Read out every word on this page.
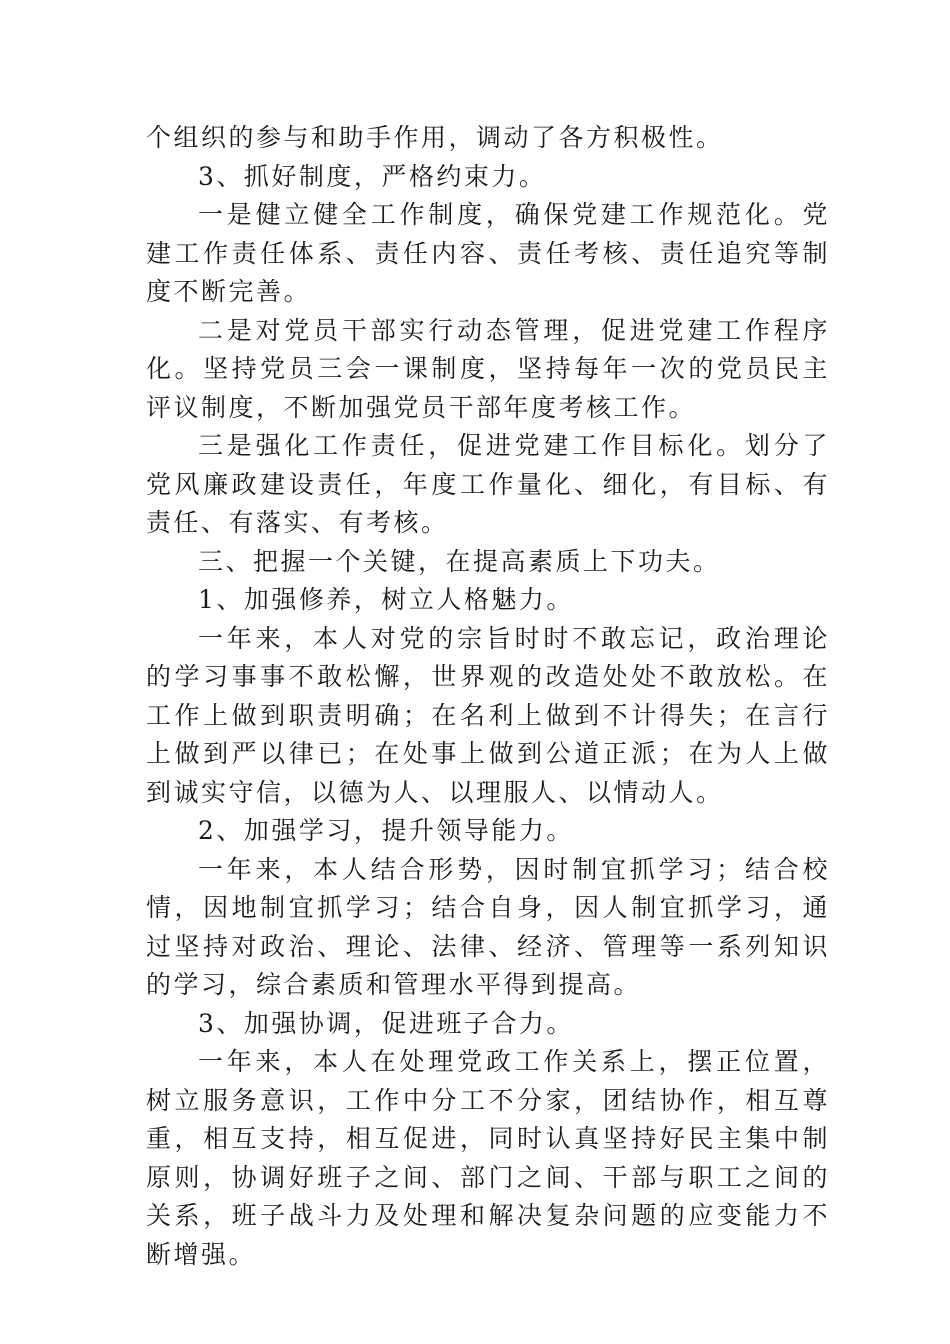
个组织的参与和助手作用，调动了各方积极性。

3、抓好制度，严格约束力。

一是健立健全工作制度，确保党建工作规范化。党建工作责任体系、责任内容、责任考核、责任追究等制度不断完善。

二是对党员干部实行动态管理，促进党建工作程序化。坚持党员三会一课制度，坚持每年一次的党员民主评议制度，不断加强党员干部年度考核工作。

三是强化工作责任，促进党建工作目标化。划分了党风廉政建设责任，年度工作量化、细化，有目标、有责任、有落实、有考核。

三、把握一个关键，在提高素质上下功夫。

1、加强修养，树立人格魅力。

一年来，本人对党的宗旨时时不敢忘记，政治理论的学习事事不敢松懈，世界观的改造处处不敢放松。在工作上做到职责明确；在名利上做到不计得失；在言行上做到严以律已；在处事上做到公道正派；在为人上做到诚实守信，以德为人、以理服人、以情动人。

2、加强学习，提升领导能力。

一年来，本人结合形势，因时制宜抓学习；结合校情，因地制宜抓学习；结合自身，因人制宜抓学习，通过坚持对政治、理论、法律、经济、管理等一系列知识的学习，综合素质和管理水平得到提高。

3、加强协调，促进班子合力。

一年来，本人在处理党政工作关系上，摆正位置，树立服务意识，工作中分工不分家，团结协作，相互尊重，相互支持，相互促进，同时认真坚持好民主集中制原则，协调好班子之间、部门之间、干部与职工之间的关系，班子战斗力及处理和解决复杂问题的应变能力不断增强。
